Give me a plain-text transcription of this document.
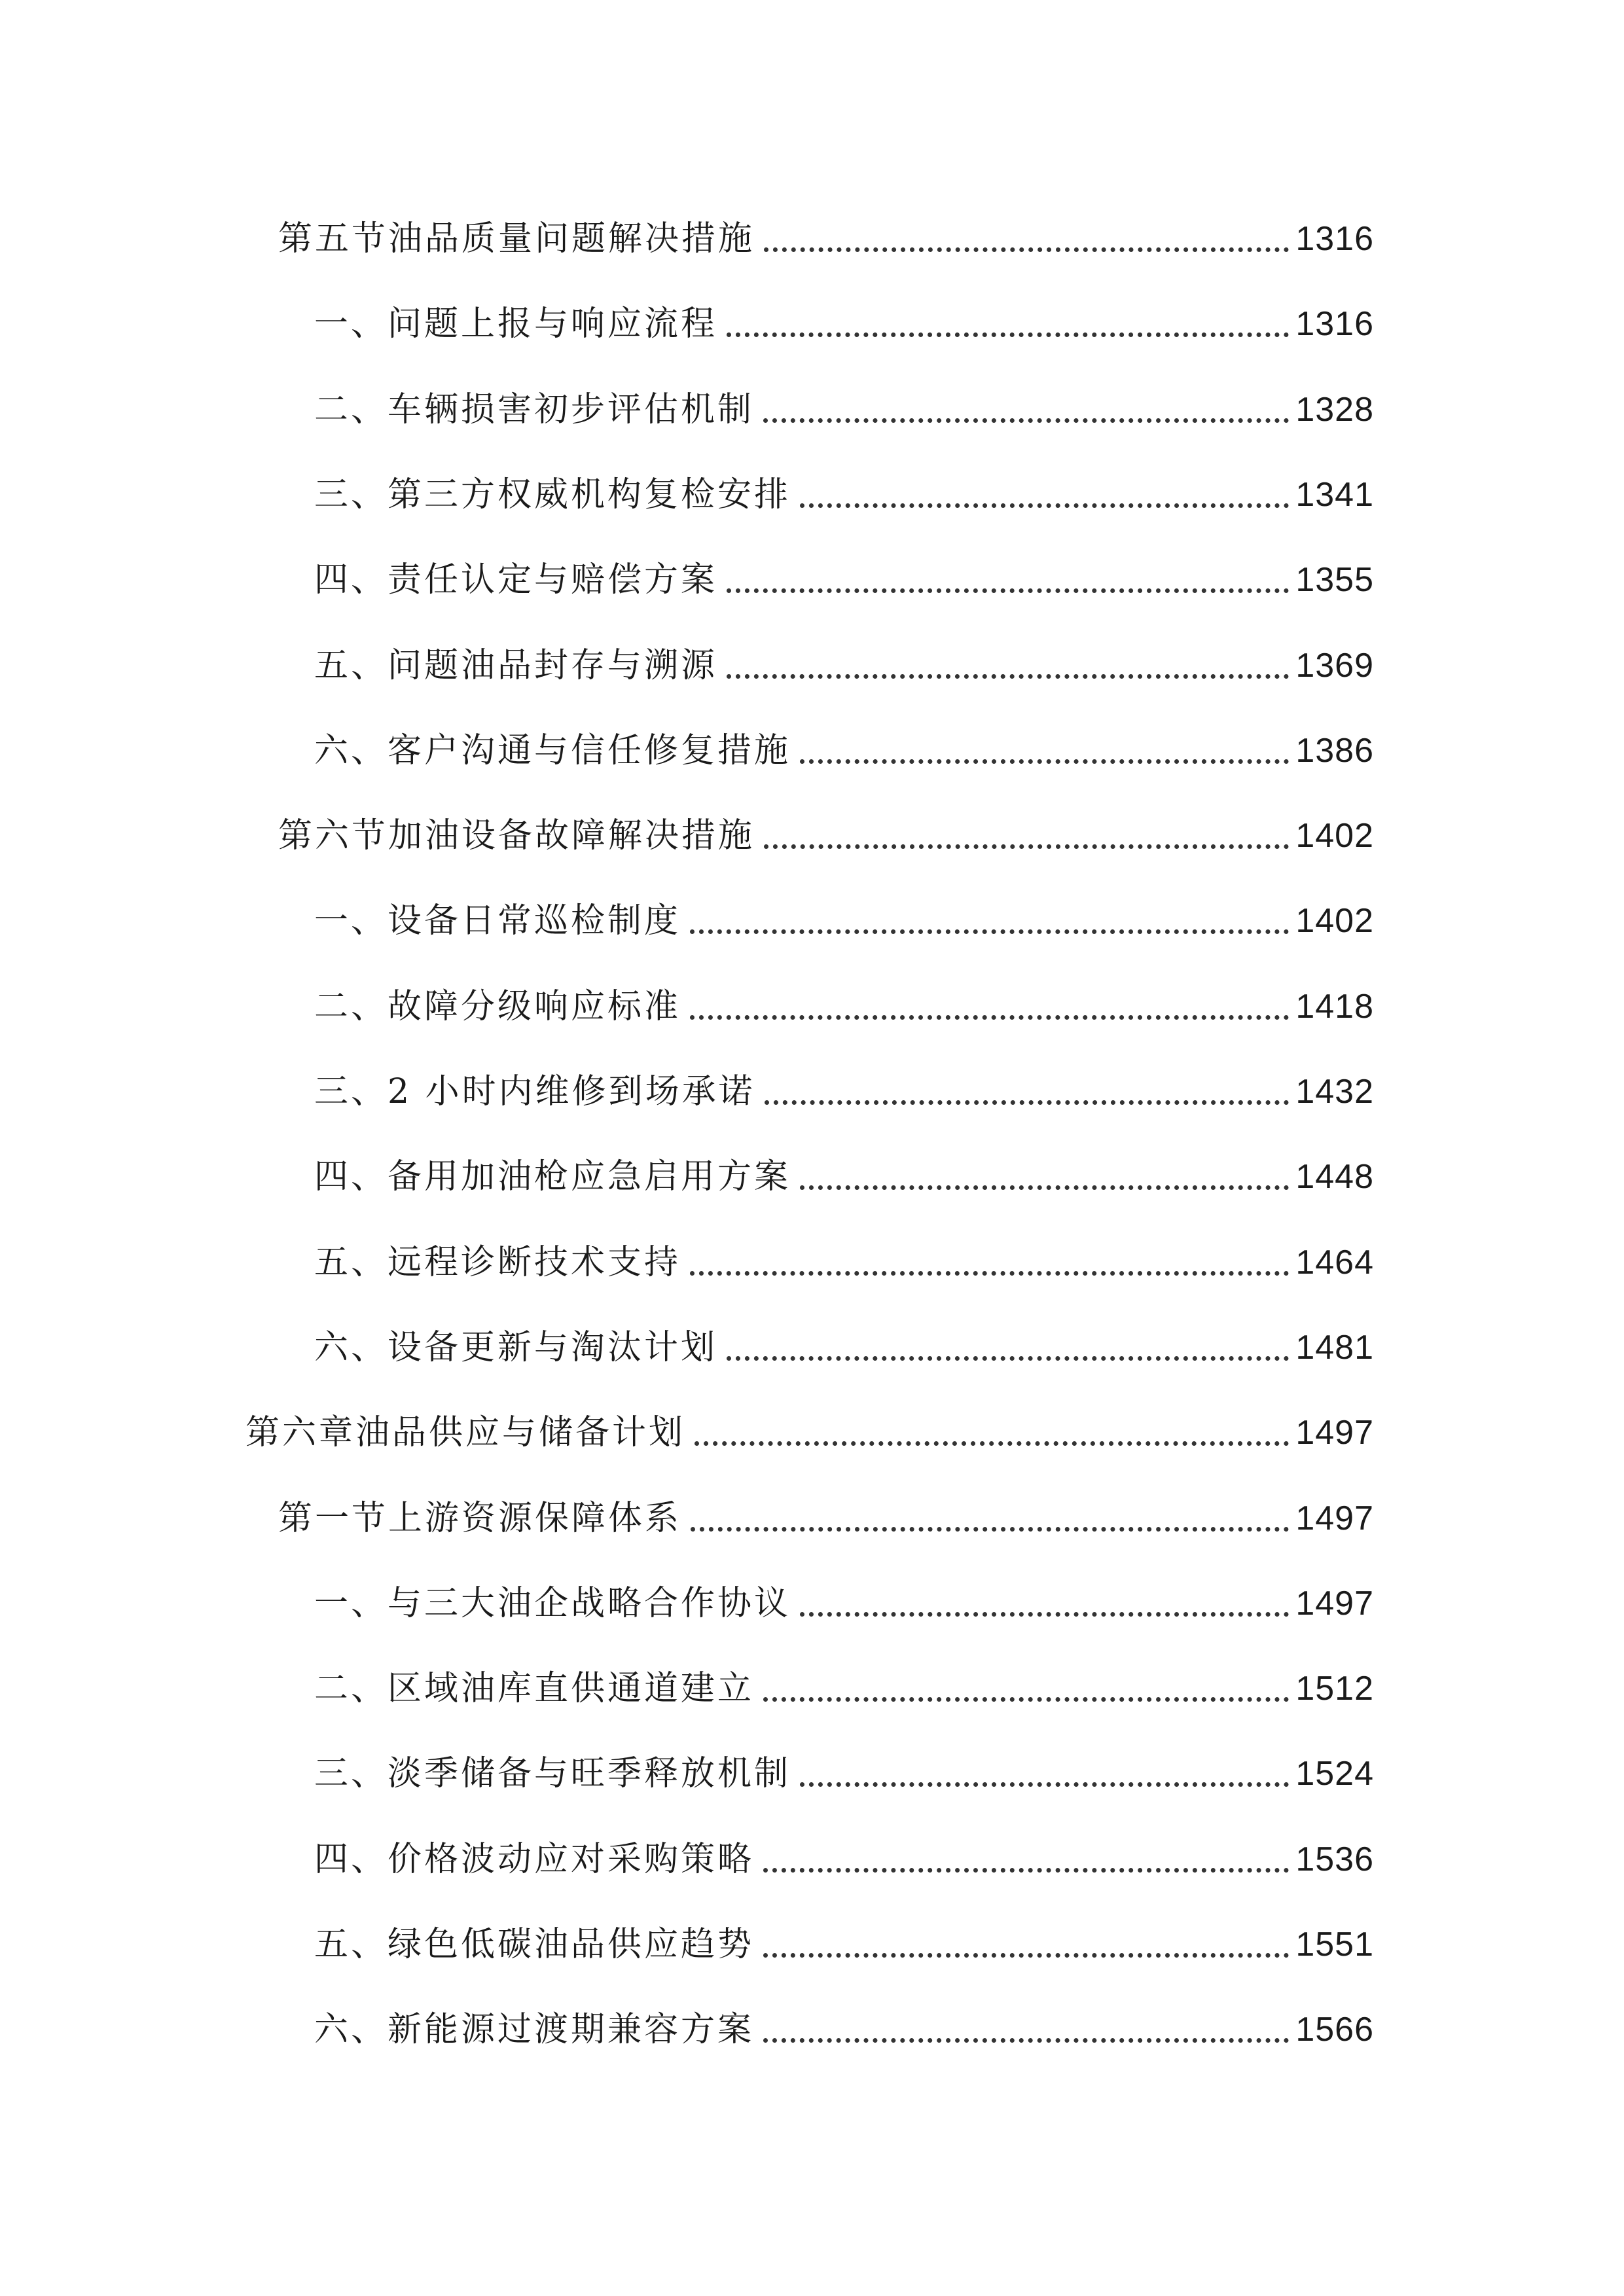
第五节油品质量问题解决措施	1316
一、问题上报与响应流程	1316
二、车辆损害初步评估机制	1328
三、第三方权威机构复检安排	1341
四、责任认定与赔偿方案	1355
五、问题油品封存与溯源	1369
六、客户沟通与信任修复措施	1386
第六节加油设备故障解决措施	1402
一、设备日常巡检制度	1402
二、故障分级响应标准	1418
三、2 小时内维修到场承诺	1432
四、备用加油枪应急启用方案	1448
五、远程诊断技术支持	1464
六、设备更新与淘汰计划	1481
第六章油品供应与储备计划	1497
第一节上游资源保障体系	1497
一、与三大油企战略合作协议	1497
二、区域油库直供通道建立	1512
三、淡季储备与旺季释放机制	1524
四、价格波动应对采购策略	1536
五、绿色低碳油品供应趋势	1551
六、新能源过渡期兼容方案	1566
